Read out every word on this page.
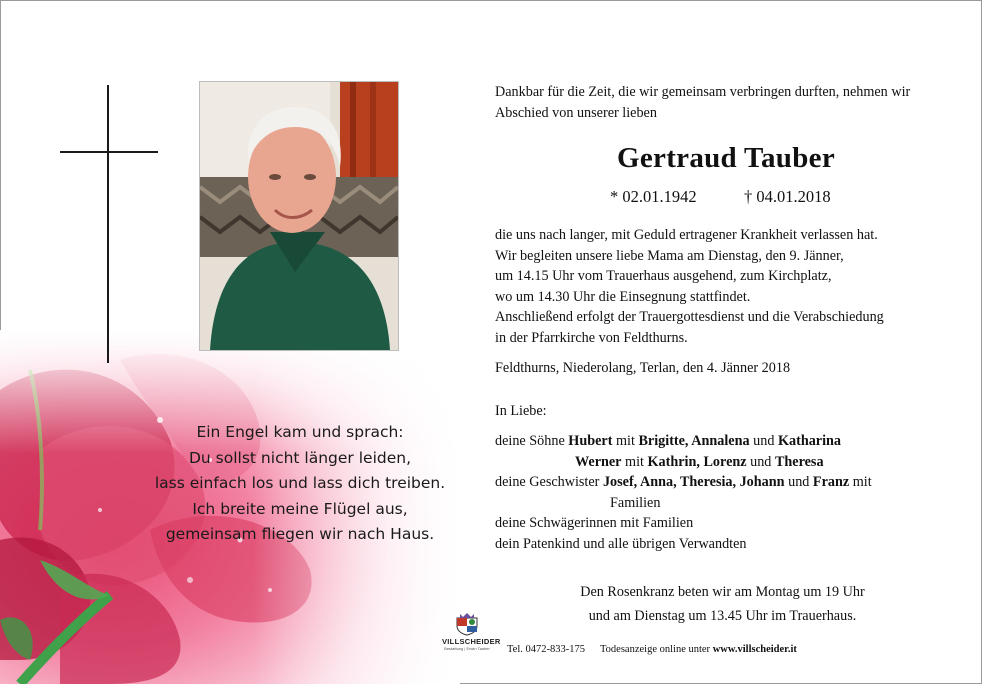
Ein Engel kam und sprach:
Du sollst nicht länger leiden,
lass einfach los und lass dich treiben.
Ich breite meine Flügel aus,
gemeinsam fliegen wir nach Haus.
Dankbar für die Zeit, die wir gemeinsam verbringen durften, nehmen wir
Abschied von unserer lieben
Gertraud Tauber
* 02.01.1942	† 04.01.2018
die uns nach langer, mit Geduld ertragener Krankheit verlassen hat.
Wir begleiten unsere liebe Mama am Dienstag, den 9. Jänner,
um 14.15 Uhr vom Trauerhaus ausgehend, zum Kirchplatz,
wo um 14.30 Uhr die Einsegnung stattfindet.
Anschließend erfolgt der Trauergottesdienst und die Verabschiedung
in der Pfarrkirche von Feldthurns.
Feldthurns, Niederolang, Terlan, den 4. Jänner 2018
In Liebe:
deine Söhne Hubert mit Brigitte, Annalena und Katharina
Werner mit Kathrin, Lorenz und Theresa
deine Geschwister Josef, Anna, Theresia, Johann und Franz mit
Familien
deine Schwägerinnen mit Familien
dein Patenkind und alle übrigen Verwandten
Den Rosenkranz beten wir am Montag um 19 Uhr
und am Dienstag um 13.45 Uhr im Trauerhaus.
VILLSCHEIDER
Bestattung | Erwin Tauber Tel. 0472-833-175 Todesanzeige online unter www.villscheider.it
